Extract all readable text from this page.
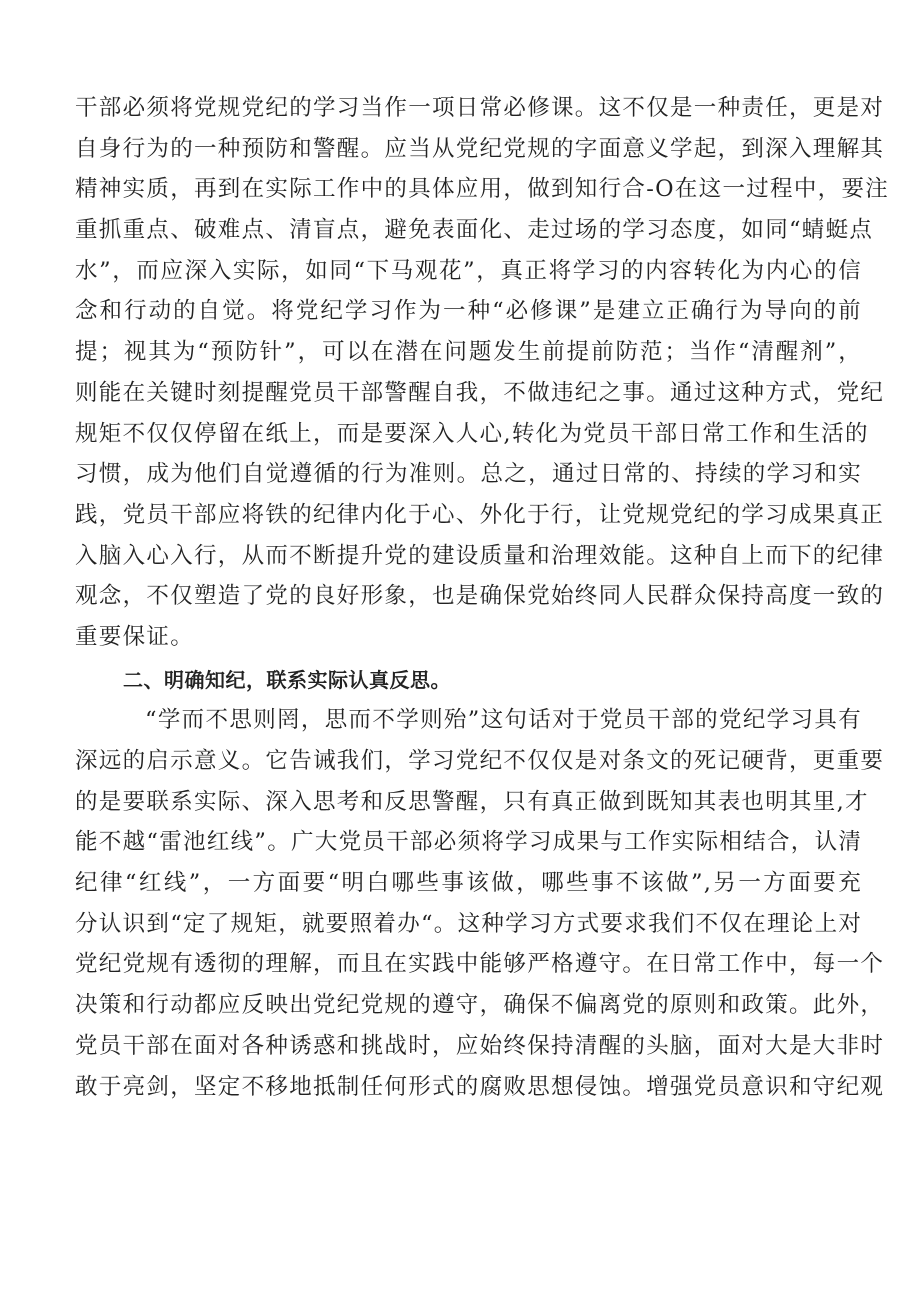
干部必须将党规党纪的学习当作一项日常必修课。这不仅是一种责任，更是对
自身行为的一种预防和警醒。应当从党纪党规的字面意义学起，到深入理解其
精神实质，再到在实际工作中的具体应用，做到知行合-O在这一过程中，要注
重抓重点、破难点、清盲点，避免表面化、走过场的学习态度，如同“蜻蜓点
水”，而应深入实际，如同“下马观花”，真正将学习的内容转化为内心的信
念和行动的自觉。将党纪学习作为一种“必修课”是建立正确行为导向的前
提；视其为“预防针”，可以在潜在问题发生前提前防范；当作“清醒剂”，
则能在关键时刻提醒党员干部警醒自我，不做违纪之事。通过这种方式，党纪
规矩不仅仅停留在纸上，而是要深入人心,转化为党员干部日常工作和生活的
习惯，成为他们自觉遵循的行为准则。总之，通过日常的、持续的学习和实
践，党员干部应将铁的纪律内化于心、外化于行，让党规党纪的学习成果真正
入脑入心入行，从而不断提升党的建设质量和治理效能。这种自上而下的纪律
观念，不仅塑造了党的良好形象，也是确保党始终同人民群众保持高度一致的
重要保证。
二、明确知纪，联系实际认真反思。
“学而不思则罔，思而不学则殆”这句话对于党员干部的党纪学习具有
深远的启示意义。它告诫我们，学习党纪不仅仅是对条文的死记硬背，更重要
的是要联系实际、深入思考和反思警醒，只有真正做到既知其表也明其里,才
能不越“雷池红线”。广大党员干部必须将学习成果与工作实际相结合，认清
纪律“红线”，一方面要“明白哪些事该做，哪些事不该做”,另一方面要充
分认识到“定了规矩，就要照着办“。这种学习方式要求我们不仅在理论上对
党纪党规有透彻的理解，而且在实践中能够严格遵守。在日常工作中，每一个
决策和行动都应反映出党纪党规的遵守，确保不偏离党的原则和政策。此外，
党员干部在面对各种诱惑和挑战时，应始终保持清醒的头脑，面对大是大非时
敢于亮剑，坚定不移地抵制任何形式的腐败思想侵蚀。增强党员意识和守纪观
